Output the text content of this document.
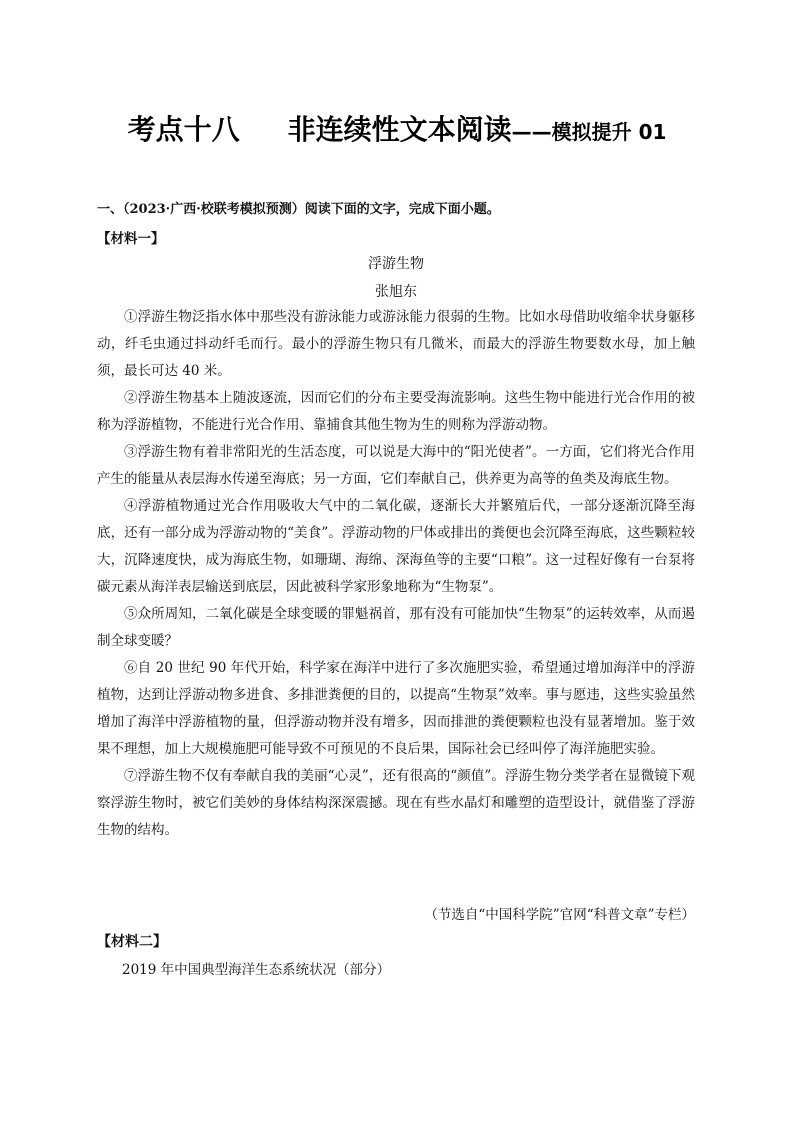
考点十八 非连续性文本阅读——模拟提升 01
一、（2023·广西·校联考模拟预测）阅读下面的文字，完成下面小题。
【材料一】
浮游生物
张旭东

①浮游生物泛指水体中那些没有游泳能力或游泳能力很弱的生物。比如水母借助收缩伞状身躯移动，纤毛虫通过抖动纤毛而行。最小的浮游生物只有几微米，而最大的浮游生物要数水母，加上触须，最长可达 40 米。

②浮游生物基本上随波逐流，因而它们的分布主要受海流影响。这些生物中能进行光合作用的被称为浮游植物，不能进行光合作用、靠捕食其他生物为生的则称为浮游动物。

③浮游生物有着非常阳光的生活态度，可以说是大海中的“阳光使者”。一方面，它们将光合作用产生的能量从表层海水传递至海底；另一方面，它们奉献自己，供养更为高等的鱼类及海底生物。

④浮游植物通过光合作用吸收大气中的二氧化碳，逐渐长大并繁殖后代，一部分逐渐沉降至海底，还有一部分成为浮游动物的“美食”。浮游动物的尸体或排出的粪便也会沉降至海底，这些颗粒较大，沉降速度快，成为海底生物，如珊瑚、海绵、深海鱼等的主要“口粮”。这一过程好像有一台泵将碳元素从海洋表层输送到底层，因此被科学家形象地称为“生物泵”。

⑤众所周知，二氧化碳是全球变暖的罪魁祸首，那有没有可能加快“生物泵”的运转效率，从而遏制全球变暖？

⑥自 20 世纪 90 年代开始，科学家在海洋中进行了多次施肥实验，希望通过增加海洋中的浮游植物，达到让浮游动物多进食、多排泄粪便的目的，以提高“生物泵”效率。事与愿违，这些实验虽然增加了海洋中浮游植物的量，但浮游动物并没有增多，因而排泄的粪便颗粒也没有显著增加。鉴于效果不理想，加上大规模施肥可能导致不可预见的不良后果，国际社会已经叫停了海洋施肥实验。

⑦浮游生物不仅有奉献自我的美丽“心灵”，还有很高的“颜值”。浮游生物分类学者在显微镜下观察浮游生物时，被它们美妙的身体结构深深震撼。现在有些水晶灯和雕塑的造型设计，就借鉴了浮游生物的结构。

（节选自“中国科学院”官网“科普文章”专栏）
【材料二】
2019 年中国典型海洋生态系统状况（部分）
